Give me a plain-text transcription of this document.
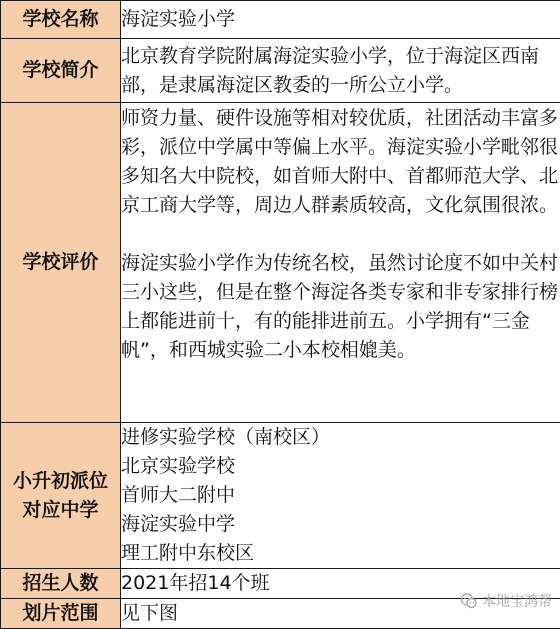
学校名称	海淀实验小学
学校简介	北京教育学院附属海淀实验小学，位于海淀区西南部，是隶属海淀区教委的一所公立小学。
学校评价	师资力量、硬件设施等相对较优质，社团活动丰富多彩，派位中学属中等偏上水平。海淀实验小学毗邻很多知名大中院校，如首师大附中、首都师范大学、北京工商大学等，周边人群素质较高，文化氛围很浓。
海淀实验小学作为传统名校，虽然讨论度不如中关村三小这些，但是在整个海淀各类专家和非专家排行榜上都能进前十，有的能排进前五。小学拥有“三金帆”，和西城实验二小本校相媲美。

小升初派位
对应中学	进修实验学校（南校区）
北京实验学校
首师大二附中
海淀实验中学
理工附中东校区

招生人数	2021年招14个班
划片范围	见下图	本地宝鸿帮
